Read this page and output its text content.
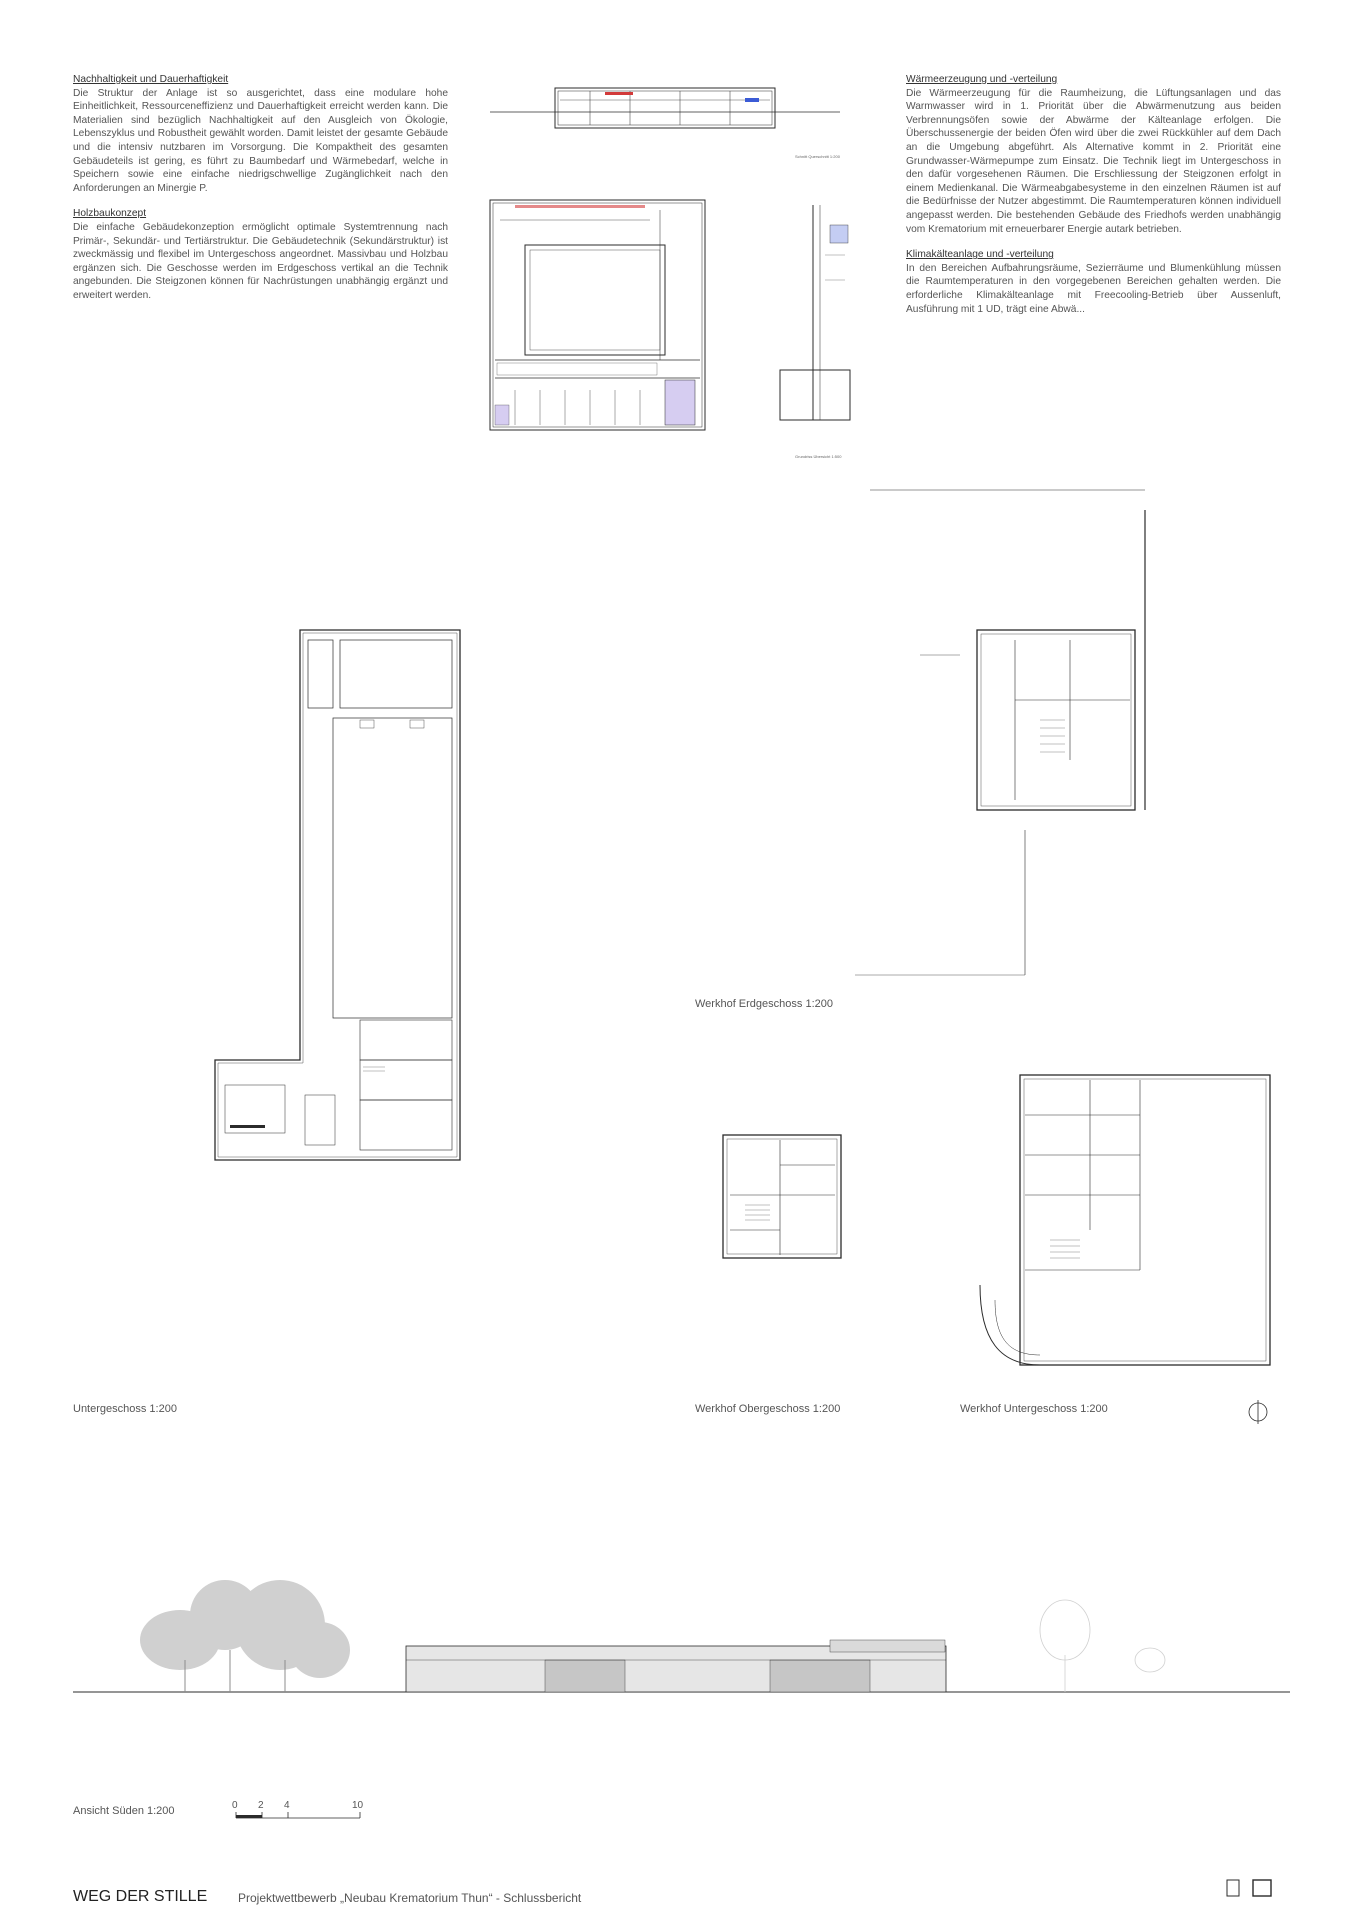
Nachhaltigkeit und Dauerhaftigkeit

Die Struktur der Anlage ist so ausgerichtet, dass eine modulare hohe Einheitlichkeit, Ressourceneffizienz und Dauerhaftigkeit erreicht werden kann. Die Materialien sind bezüglich Nachhaltigkeit auf den Ausgleich von Ökologie, Lebenszyklus und Robustheit gewählt worden. Damit leistet der gesamte Gebäude und die intensiv nutzbaren im Vorsorgung. Die Kompaktheit des gesamten Gebäudeteils ist gering, es führt zu Baumbedarf und Wärmebedarf, welche in Speichern sowie eine einfache niedrigschwellige Zugänglichkeit nach den Anforderungen an Minergie P.

Holzbaukonzept

Die einfache Gebäudekonzeption ermöglicht optimale Systemtrennung nach Primär-, Sekundär- und Tertiärstruktur. Die Gebäudetechnik (Sekundärstruktur) ist zweckmässig und flexibel im Untergeschoss angeordnet. Massivbau und Holzbau ergänzen sich. Die Geschosse werden im Erdgeschoss vertikal an die Technik angebunden. Die Steigzonen können für Nachrüstungen unabhängig ergänzt und erweitert werden.

Wärmeerzeugung und -verteilung

Die Wärmeerzeugung für die Raumheizung, die Lüftungsanlagen und das Warmwasser wird in 1. Priorität über die Abwärmenutzung aus beiden Verbrennungsöfen sowie der Abwärme der Kälteanlage erfolgen. Die Überschussenergie der beiden Öfen wird über die zwei Rückkühler auf dem Dach an die Umgebung abgeführt. Als Alternative kommt in 2. Priorität eine Grundwasser-Wärmepumpe zum Einsatz. Die Technik liegt im Untergeschoss in den dafür vorgesehenen Räumen. Die Erschliessung der Steigzonen erfolgt in einem Medienkanal. Die Wärmeabgabesysteme in den einzelnen Räumen ist auf die Bedürfnisse der Nutzer abgestimmt. Die Raumtemperaturen können individuell angepasst werden. Die bestehenden Gebäude des Friedhofs werden unabhängig vom Krematorium mit erneuerbarer Energie autark betrieben.

Klimakälteanlage und -verteilung

In den Bereichen Aufbahrungsräume, Sezierräume und Blumenkühlung müssen die Raumtemperaturen in den vorgegebenen Bereichen gehalten werden. Die erforderliche Klimakälteanlage mit Freecooling-Betrieb über Aussenluft, Ausführung mit 1 UD, trägt eine Abwä...

Schnitt Querschnitt 1:200
Grundriss Übersicht 1:500
Werkhof Erdgeschoss 1:200
Untergeschoss 1:200	Werkhof Obergeschoss 1:200	Werkhof Untergeschoss 1:200
Ansicht Süden 1:200	0 2 4	10
WEG DER STILLE	Projektwettbewerb „Neubau Krematorium Thun“ - Schlussbericht
